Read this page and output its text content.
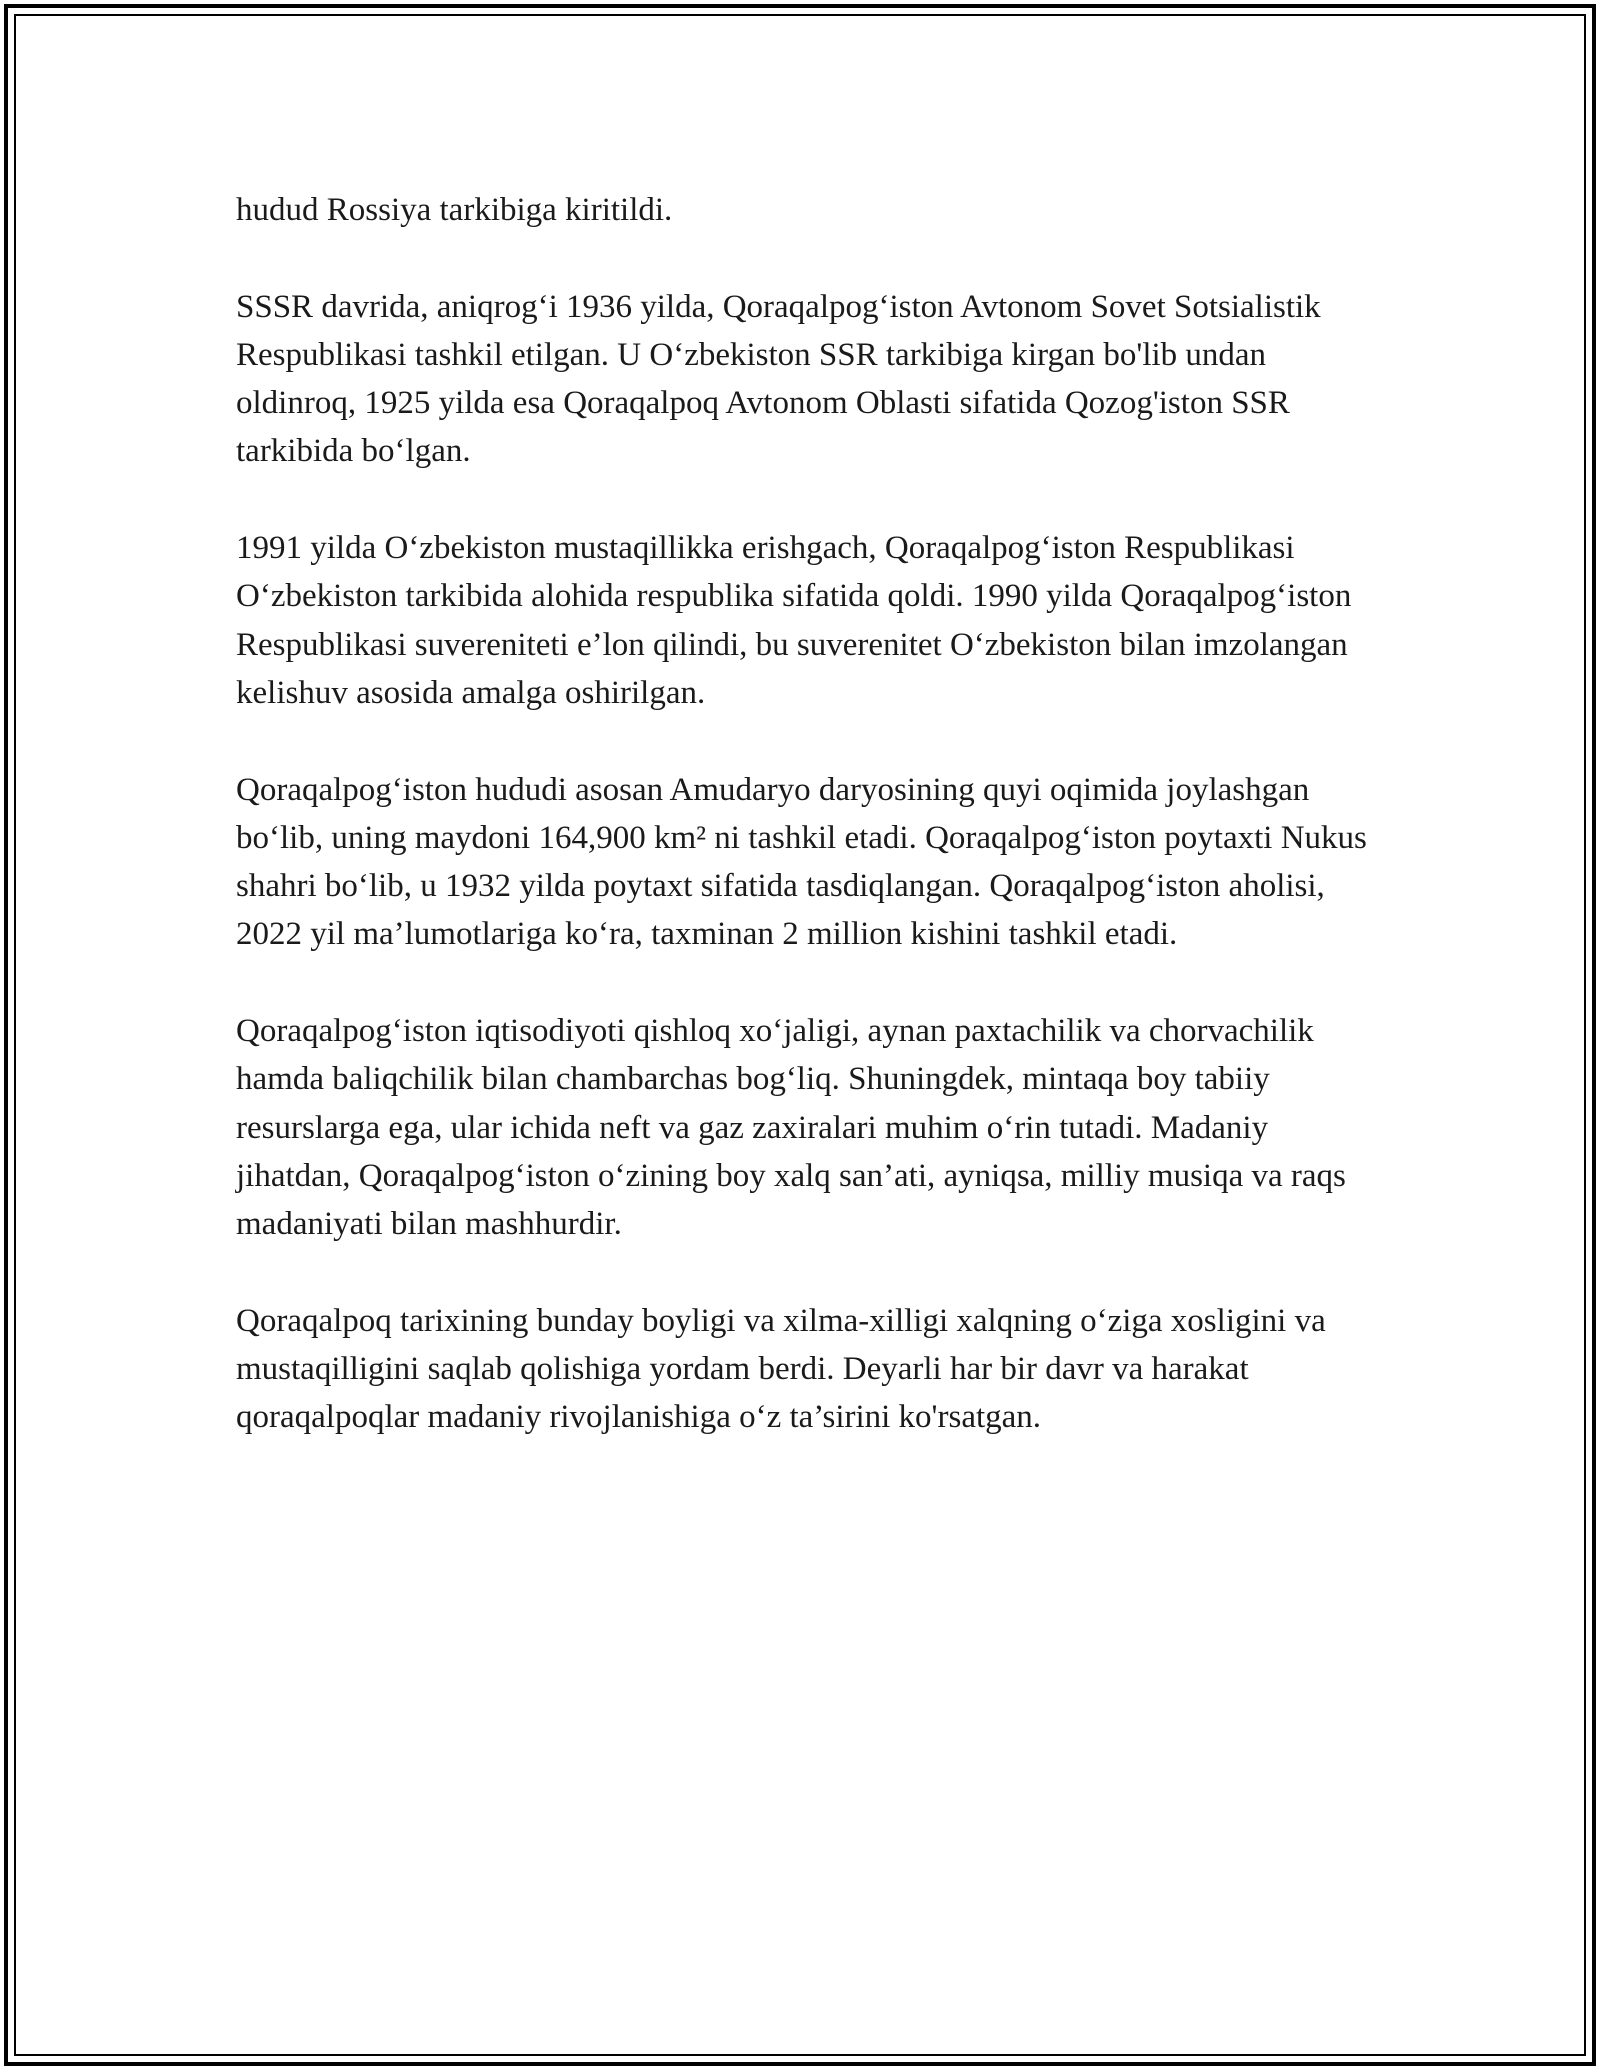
hudud Rossiya tarkibiga kiritildi.

SSSR davrida, aniqrog‘i 1936 yilda, Qoraqalpog‘iston Avtonom Sovet Sotsialistik Respublikasi tashkil etilgan. U O‘zbekiston SSR tarkibiga kirgan bo'lib undan oldinroq, 1925 yilda esa Qoraqalpoq Avtonom Oblasti sifatida Qozog'iston SSR tarkibida bo‘lgan.

1991 yilda O‘zbekiston mustaqillikka erishgach, Qoraqalpog‘iston Respublikasi O‘zbekiston tarkibida alohida respublika sifatida qoldi. 1990 yilda Qoraqalpog‘iston Respublikasi suvereniteti e’lon qilindi, bu suverenitet O‘zbekiston bilan imzolangan kelishuv asosida amalga oshirilgan.

Qoraqalpog‘iston hududi asosan Amudaryo daryosining quyi oqimida joylashgan bo‘lib, uning maydoni 164,900 km² ni tashkil etadi. Qoraqalpog‘iston poytaxti Nukus shahri bo‘lib, u 1932 yilda poytaxt sifatida tasdiqlangan. Qoraqalpog‘iston aholisi, 2022 yil ma’lumotlariga ko‘ra, taxminan 2 million kishini tashkil etadi.

Qoraqalpog‘iston iqtisodiyoti qishloq xo‘jaligi, aynan paxtachilik va chorvachilik hamda baliqchilik bilan chambarchas bog‘liq. Shuningdek, mintaqa boy tabiiy resurslarga ega, ular ichida neft va gaz zaxiralari muhim o‘rin tutadi. Madaniy jihatdan, Qoraqalpog‘iston o‘zining boy xalq san’ati, ayniqsa, milliy musiqa va raqs madaniyati bilan mashhurdir.

Qoraqalpoq tarixining bunday boyligi va xilma-xilligi xalqning o‘ziga xosligini va mustaqilligini saqlab qolishiga yordam berdi. Deyarli har bir davr va harakat qoraqalpoqlar madaniy rivojlanishiga o‘z ta’sirini ko'rsatgan.
